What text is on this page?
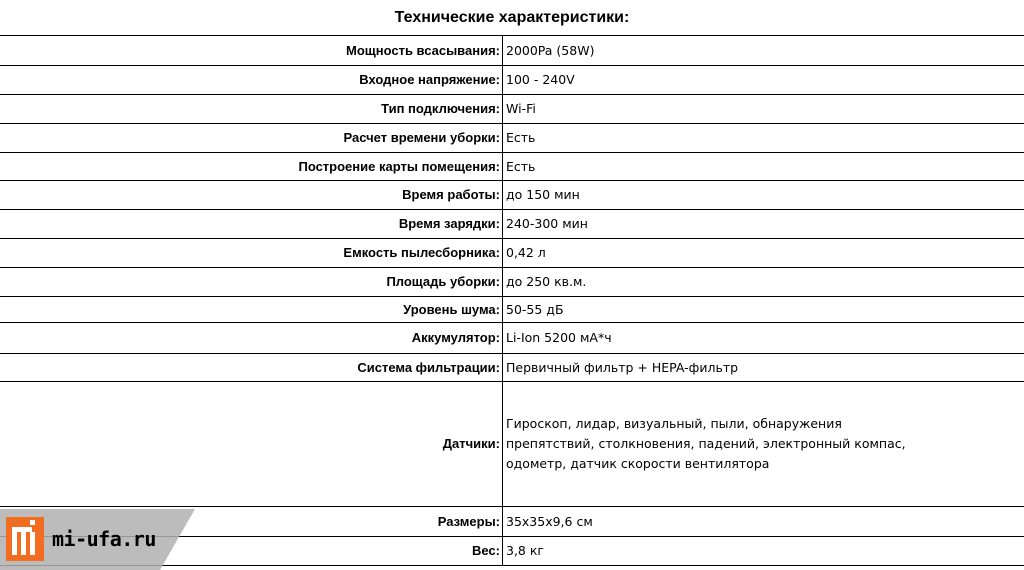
Технические характеристики:
Мощность всасывания:	2000Pa (58W)
Входное напряжение:	100 - 240V
Тип подключения:	Wi-Fi
Расчет времени уборки:	Есть
Построение карты помещения:	Есть
Время работы:	до 150 мин
Время зарядки:	240-300 мин
Емкость пылесборника:	0,42 л
Площадь уборки:	до 250 кв.м.
Уровень шума:	50-55 дБ
Аккумулятор:	Li-Ion 5200 мА*ч
Система фильтрации:	Первичный фильтр + HEPA-фильтр
Датчики:	Гироскоп, лидар, визуальный, пыли, обнаружения
препятствий, столкновения, падений, электронный компас,
одометр, датчик скорости вентилятора

Размеры:	35x35x9,6 см
Вес:	3,8 кг
mi-ufa.ru
